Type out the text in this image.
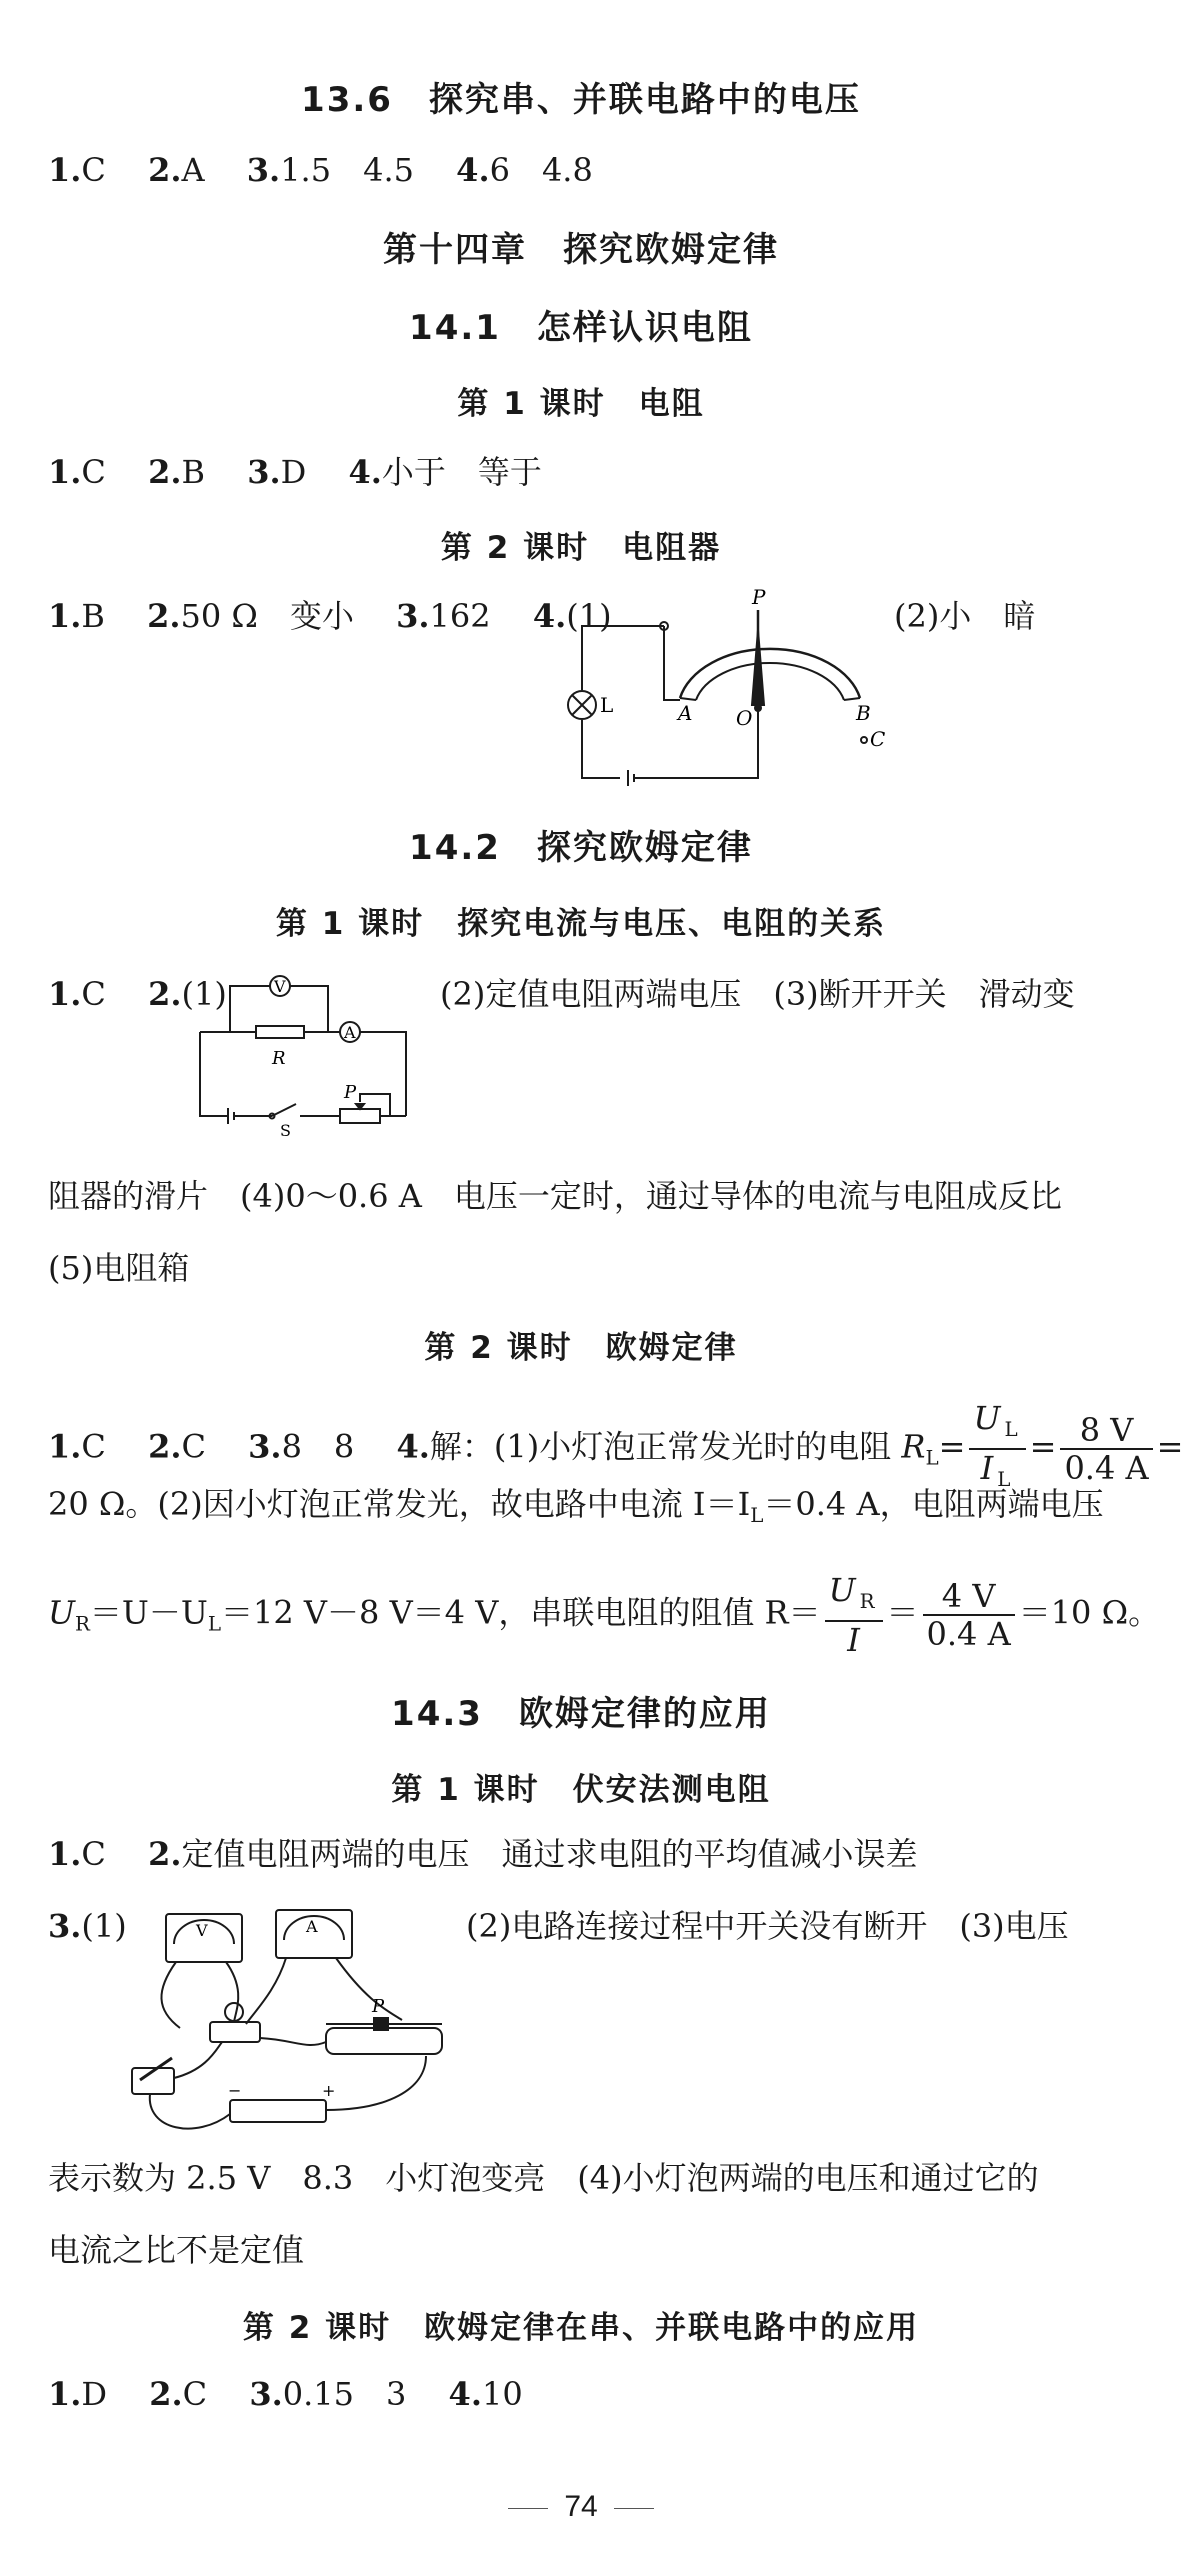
13.6　探究串、并联电路中的电压
1.C　 2.A　 3.1.5　4.5　 4.6　4.8
第十四章　探究欧姆定律
14.1　怎样认识电阻
第 1 课时　电阻
1.C　 2.B　 3.D　 4.小于　等于
第 2 课时　电阻器
1.B　 2.50 Ω　变小　 3.162　 4.(1)	(2)小　暗
L
P
A O	B
C
14.2　探究欧姆定律
第 1 课时　探究电流与电压、电阻的关系
1.C　 2.(1)	(2)定值电阻两端电压　(3)断开开关　滑动变
V
A
R
P
S
阻器的滑片　(4)0～0.6 A　电压一定时，通过导体的电流与电阻成反比
(5)电阻箱
第 2 课时　欧姆定律
1.C　 2.C　 3.8　8　 4.解：(1)小灯泡正常发光时的电阻 $R_L= \frac{U _L}{I _L} = \frac{8 V}{0.4 A}$ =
20 Ω。(2)因小灯泡正常发光，故电路中电流 $I=I_L=0.4$ A，电阻两端电压
$U_R=U-U_L=12$ V－8 V＝4 V，串联电阻的阻值 $R= \frac{U _R}{I} = \frac{4 V}{0.4 A} =10$ Ω。
14.3　欧姆定律的应用
第 1 课时　伏安法测电阻
1.C　 2.定值电阻两端的电压　通过求电阻的平均值减小误差
3.(1)	(2)电路连接过程中开关没有断开　(3)电压
V	A
P
−	+
表示数为 2.5 V　8.3　小灯泡变亮　(4)小灯泡两端的电压和通过它的
电流之比不是定值
第 2 课时　欧姆定律在串、并联电路中的应用
1.D　 2.C　 3.0.15　3　 4.10
74
